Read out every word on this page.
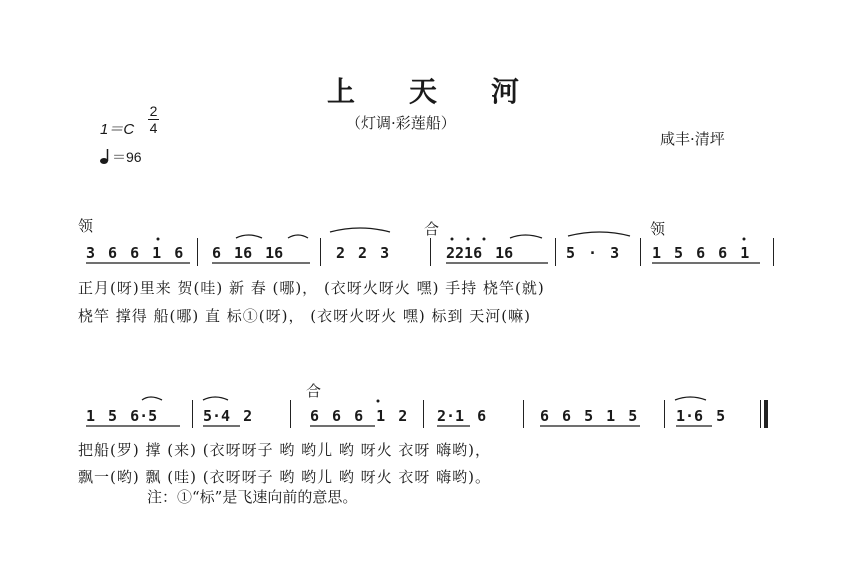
上天河
（灯调·彩莲船）
咸丰·清坪
1＝C
2
4
＝96
领	合	领
3 6 6 1 6 6 16 16	2 2 3	2216 16	5 · 3 1 5 6 6 1
正月(呀)里来 贺(哇) 新 春 (哪)， (衣呀火呀火 嘿) 手持 桡竿(就)
桡竿 撑得 船(哪) 直 标①(呀)， (衣呀火呀火 嘿) 标到 天河(嘛)
合
1 5 6·5	5·4 2	6 6 6 1 2 2·1 6	6 6 5 1 5	1·6 5
把船(罗) 撑 (来) (衣呀呀子 哟 哟儿 哟 呀火 衣呀 嗨哟)，
飘一(哟) 飘 (哇) (衣呀呀子 哟 哟儿 哟 呀火 衣呀 嗨哟)。
注：①“标”是飞速向前的意思。
